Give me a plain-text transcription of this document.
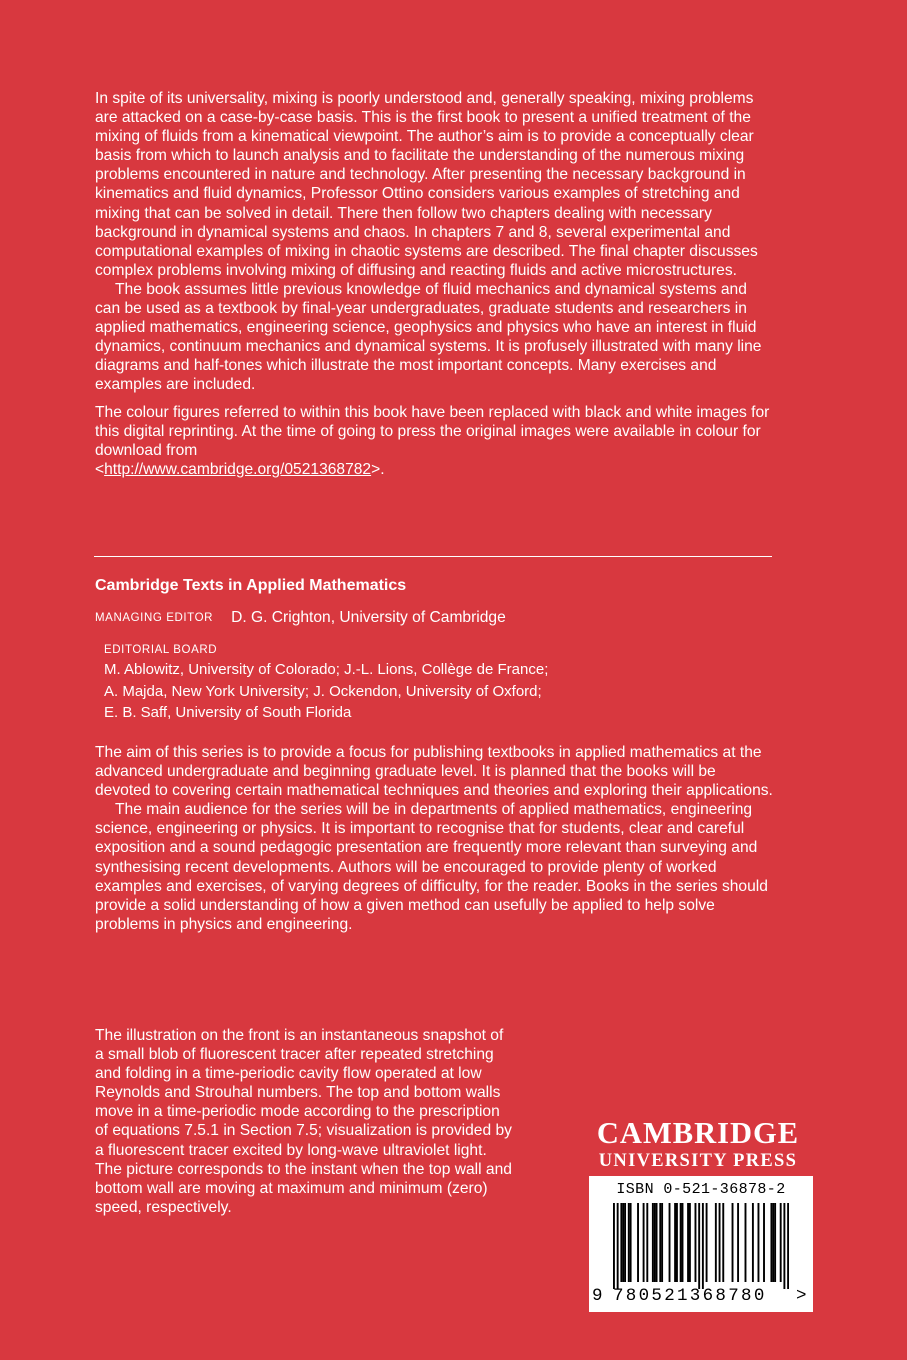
In spite of its universality, mixing is poorly understood and, generally speaking, mixing problems are attacked on a case-by-case basis. This is the first book to present a unified treatment of the mixing of fluids from a kinematical viewpoint. The author’s aim is to provide a conceptually clear basis from which to launch analysis and to facilitate the understanding of the numerous mixing problems encountered in nature and technology. After presenting the necessary background in kinematics and fluid dynamics, Professor Ottino considers various examples of stretching and mixing that can be solved in detail. There then follow two chapters dealing with necessary background in dynamical systems and chaos. In chapters 7 and 8, several experimental and computational examples of mixing in chaotic systems are described. The final chapter discusses complex problems involving mixing of diffusing and reacting fluids and active microstructures.

The book assumes little previous knowledge of fluid mechanics and dynamical systems and can be used as a textbook by final-year undergraduates, graduate students and researchers in applied mathematics, engineering science, geophysics and physics who have an interest in fluid dynamics, continuum mechanics and dynamical systems. It is profusely illustrated with many line diagrams and half-tones which illustrate the most important concepts. Many exercises and examples are included.

The colour figures referred to within this book have been replaced with black and white images for this digital reprinting. At the time of going to press the original images were available in colour for download from
<http://www.cambridge.org/0521368782>.

Cambridge Texts in Applied Mathematics
MANAGING EDITOR D. G. Crighton, University of Cambridge
EDITORIAL BOARD
M. Ablowitz, University of Colorado; J.-L. Lions, Collège de France;
A. Majda, New York University; J. Ockendon, University of Oxford;
E. B. Saff, University of South Florida

The aim of this series is to provide a focus for publishing textbooks in applied mathematics at the advanced undergraduate and beginning graduate level. It is planned that the books will be devoted to covering certain mathematical techniques and theories and exploring their applications.

The main audience for the series will be in departments of applied mathematics, engineering science, engineering or physics. It is important to recognise that for students, clear and careful exposition and a sound pedagogic presentation are frequently more relevant than surveying and synthesising recent developments. Authors will be encouraged to provide plenty of worked examples and exercises, of varying degrees of difficulty, for the reader. Books in the series should provide a solid understanding of how a given method can usefully be applied to help solve problems in physics and engineering.

The illustration on the front is an instantaneous snapshot of a small blob of fluorescent tracer after repeated stretching and folding in a time-periodic cavity flow operated at low Reynolds and Strouhal numbers. The top and bottom walls move in a time-periodic mode according to the prescription of equations 7.5.1 in Section 7.5; visualization is provided by a fluorescent tracer excited by long-wave ultraviolet light. The picture corresponds to the instant when the top wall and bottom wall are moving at maximum and minimum (zero) speed, respectively.
CAMBRIDGE
UNIVERSITY PRESS
ISBN 0-521-36878-2
9 780521368780 >
